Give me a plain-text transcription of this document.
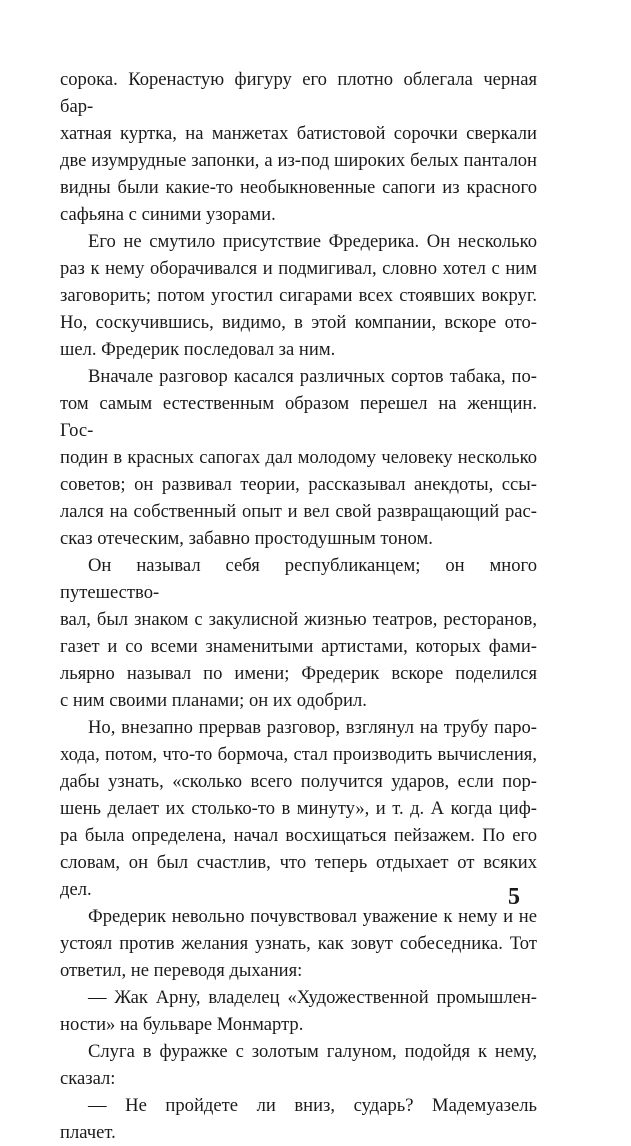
сорока. Коренастую фигуру его плотно облегала черная бар-
хатная куртка, на манжетах батистовой сорочки сверкали
две изумрудные запонки, а из-под широких белых панталон
видны были какие-то необыкновенные сапоги из красного
сафьяна с синими узорами.
Его не смутило присутствие Фредерика. Он несколько
раз к нему оборачивался и подмигивал, словно хотел с ним
заговорить; потом угостил сигарами всех стоявших вокруг.
Но, соскучившись, видимо, в этой компании, вскоре ото-
шел. Фредерик последовал за ним.
Вначале разговор касался различных сортов табака, по-
том самым естественным образом перешел на женщин. Гос-
подин в красных сапогах дал молодому человеку несколько
советов; он развивал теории, рассказывал анекдоты, ссы-
лался на собственный опыт и вел свой развращающий рас-
сказ отеческим, забавно простодушным тоном.
Он называл себя республиканцем; он много путешество-
вал, был знаком с закулисной жизнью театров, ресторанов,
газет и со всеми знаменитыми артистами, которых фами-
льярно называл по имени; Фредерик вскоре поделился
с ним своими планами; он их одобрил.
Но, внезапно прервав разговор, взглянул на трубу паро-
хода, потом, что-то бормоча, стал производить вычисления,
дабы узнать, «сколько всего получится ударов, если пор-
шень делает их столько-то в минуту», и т. д. А когда циф-
ра была определена, начал восхищаться пейзажем. По его
словам, он был счастлив, что теперь отдыхает от всяких дел.
Фредерик невольно почувствовал уважение к нему и не
устоял против желания узнать, как зовут собеседника. Тот
ответил, не переводя дыхания:
— Жак Арну, владелец «Художественной промышлен-
ности» на бульваре Монмартр.
Слуга в фуражке с золотым галуном, подойдя к нему,
сказал:
— Не пройдете ли вниз, сударь? Мадемуазель
плачет.
5
